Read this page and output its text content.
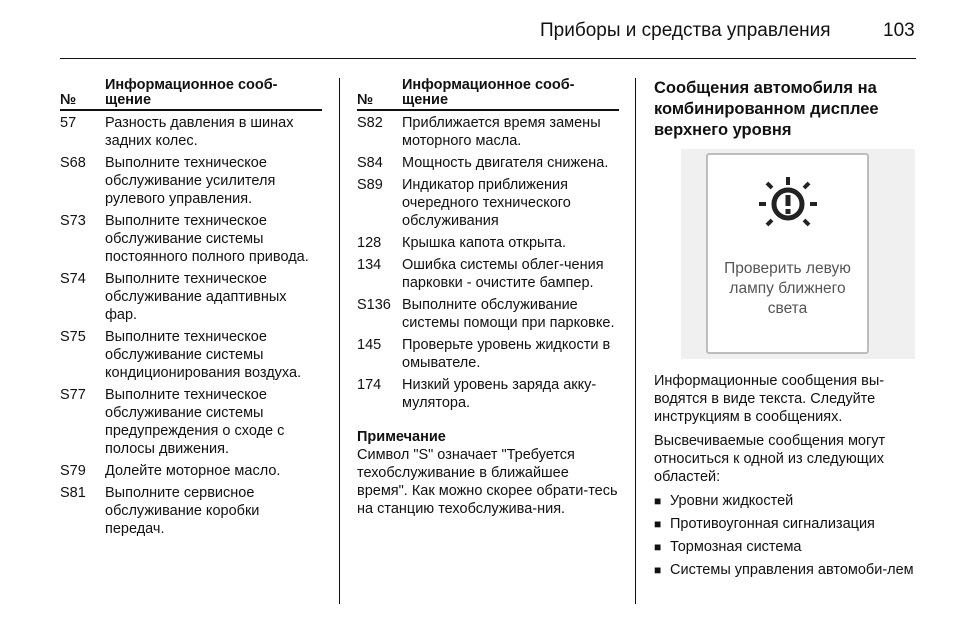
Приборы и средства управления	103
№
Информационное сооб-
щение
57	Разность давления в шинах задних колес.
S68	Выполните техническое обслуживание усилителя рулевого управления.
S73	Выполните техническое обслуживание системы постоянного полного привода.
S74	Выполните техническое обслуживание адаптивных фар.
S75	Выполните техническое обслуживание системы кондиционирования воздуха.
S77	Выполните техническое обслуживание системы предупреждения о сходе с полосы движения.
S79	Долейте моторное масло.
S81	Выполните сервисное обслуживание коробки передач.
№
Информационное сооб-
щение
S82	Приближается время замены моторного масла.
S84	Мощность двигателя снижена.
S89	Индикатор приближения очередного технического обслуживания
128	Крышка капота открыта.
134	Ошибка системы облег-чения парковки - очистите бампер.
S136 Выполните обслуживание системы помощи при парковке.
145	Проверьте уровень жидкости в омывателе.
174	Низкий уровень заряда акку-мулятора.
Примечание
Символ "S" означает "Требуется техобслуживание в ближайшее время". Как можно скорее обрати-тесь на станцию техобслужива-ния.
Сообщения автомобиля на комбинированном дисплее верхнего уровня
Проверить левую лампу ближнего света
Информационные сообщения вы-водятся в виде текста. Следуйте инструкциям в сообщениях.
Высвечиваемые сообщения могут относиться к одной из следующих областей:
■ Уровни жидкостей
■ Противоугонная сигнализация
■ Тормозная система
■ Системы управления автомоби-лем
